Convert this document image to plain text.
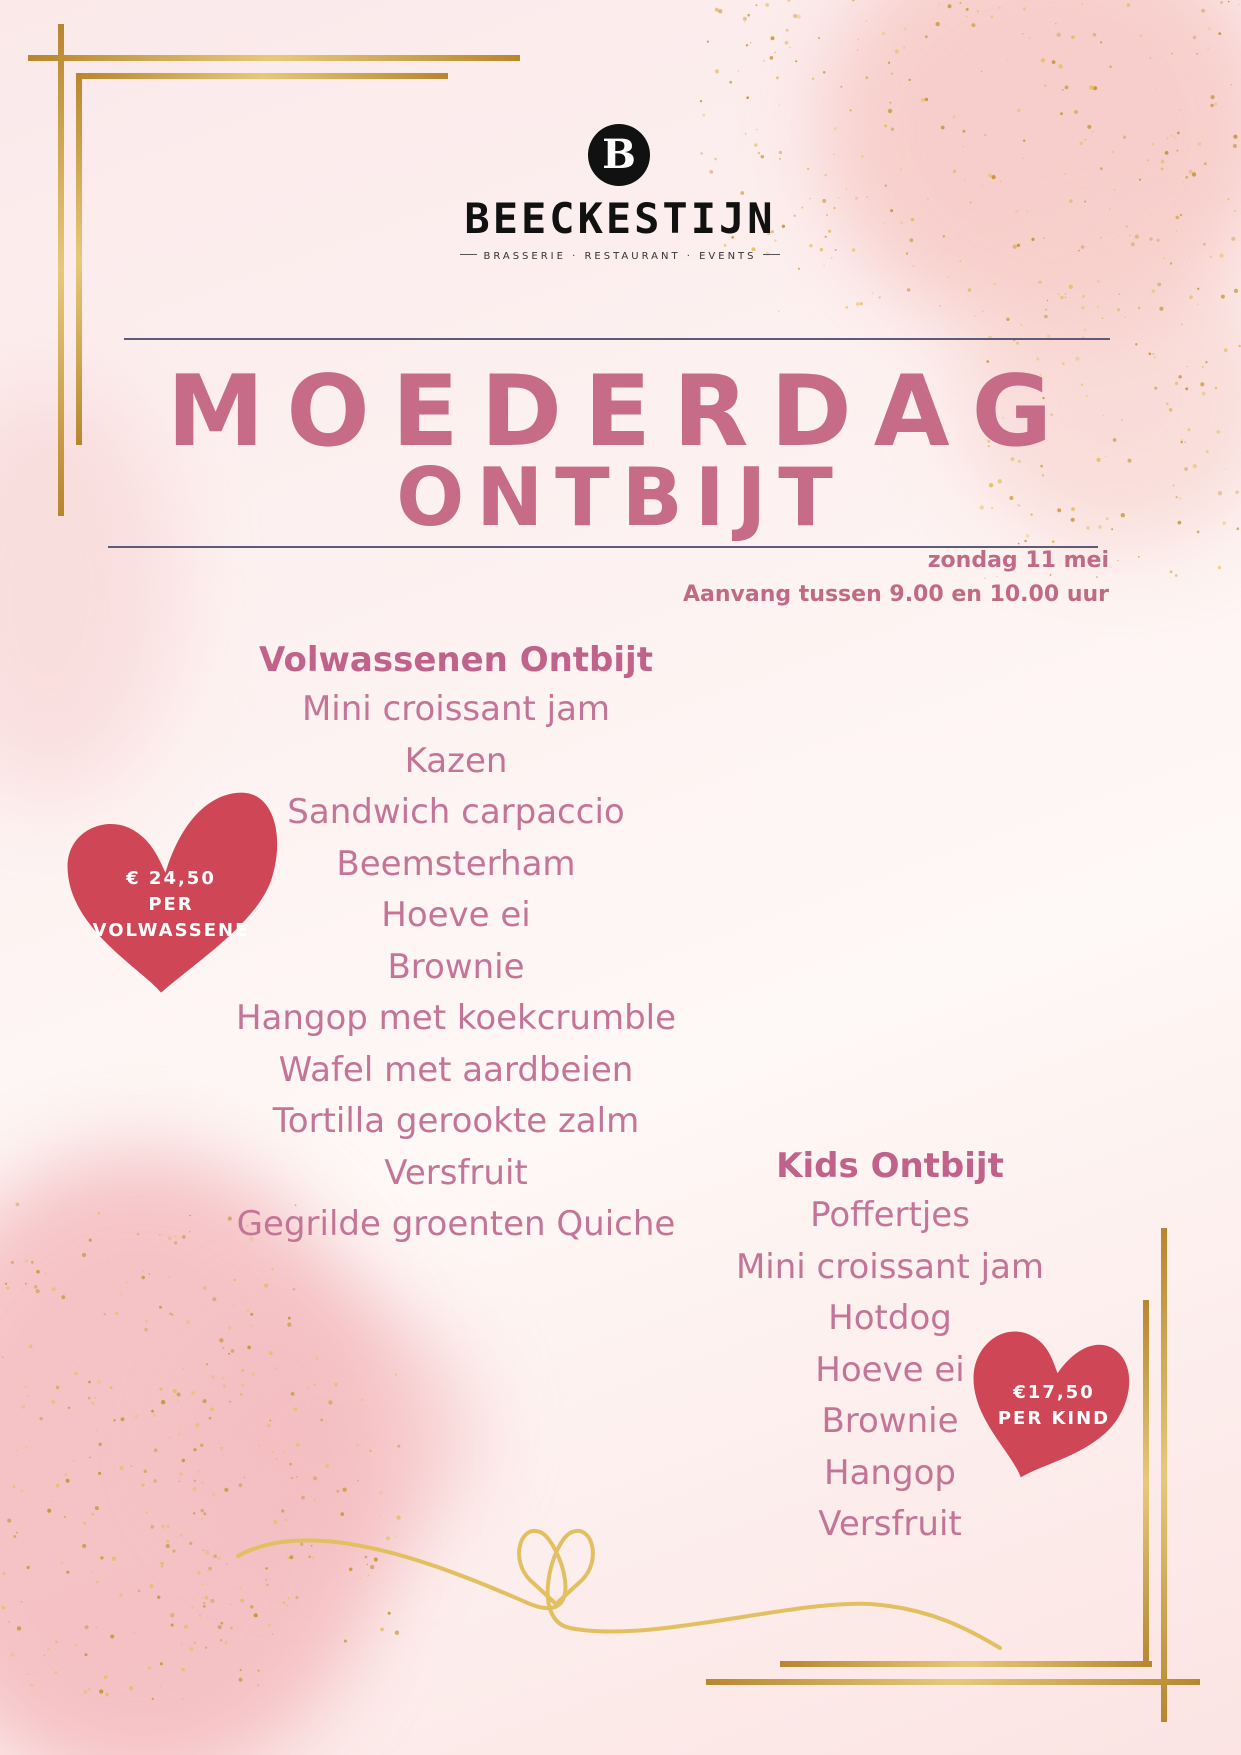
B
BEECKESTIJN
BRASSERIE · RESTAURANT · EVENTS
MOEDERDAG
ONTBIJT
zondag 11 mei
Aanvang tussen 9.00 en 10.00 uur
Volwassenen Ontbijt
Mini croissant jam
Kazen
Sandwich carpaccio
Beemsterham
Hoeve ei
Brownie
Hangop met koekcrumble
Wafel met aardbeien
Tortilla gerookte zalm
Versfruit
Gegrilde groenten Quiche
Kids Ontbijt
Poffertjes
Mini croissant jam
Hotdog
Hoeve ei
Brownie
Hangop
Versfruit
€ 24,50
PER
VOLWASSENE
€17,50
PER KIND
